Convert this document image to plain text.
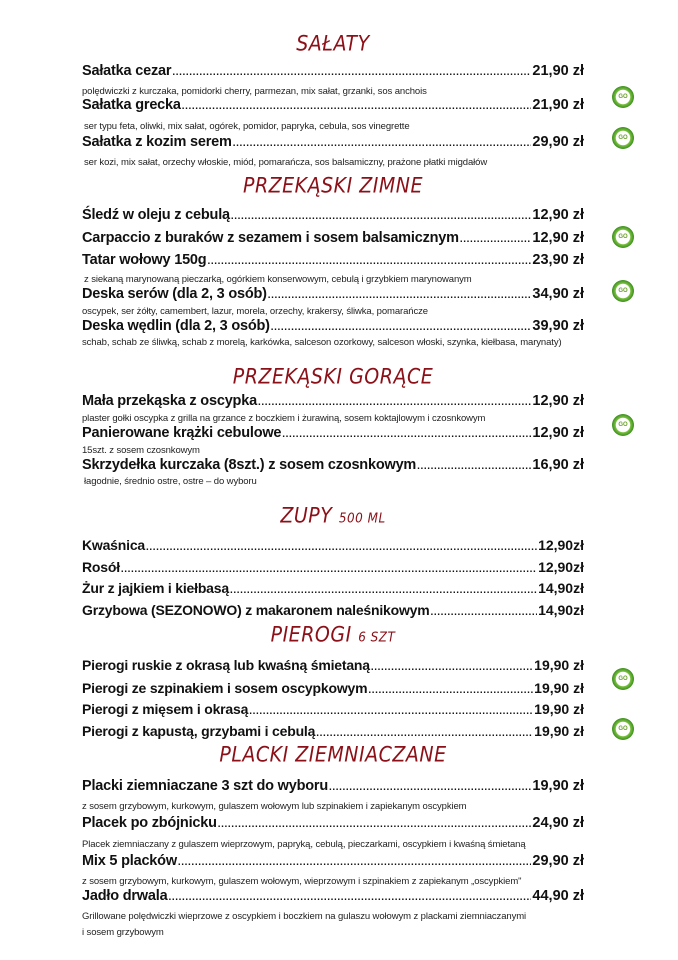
SAŁATY
Sałatka cezar .....	21,90 zł
polędwiczki z kurczaka, pomidorki cherry, parmezan, mix sałat, grzanki, sos anchois
Sałatka grecka .....	21,90 zł
ser typu feta, oliwki, mix sałat, ogórek, pomidor, papryka, cebula, sos vinegrette
Sałatka z kozim serem .....	29,90 zł
ser kozi, mix sałat, orzechy włoskie, miód, pomarańcza, sos balsamiczny, prażone płatki migdałów
PRZEKĄSKI ZIMNE
Śledź w oleju z cebulą .....	12,90 zł
Carpaccio z buraków z sezamem i sosem balsamicznym .....	12,90 zł
Tatar wołowy 150g .....	23,90 zł
z siekaną marynowaną pieczarką, ogórkiem konserwowym, cebulą i grzybkiem marynowanym
Deska serów (dla 2, 3 osób) .....	34,90 zł
oscypek, ser żółty, camembert, lazur, morela, orzechy, krakersy, śliwka, pomarańcze
Deska wędlin (dla 2, 3 osób) .....	39,90 zł
schab, schab ze śliwką, schab z morelą, karkówka, salceson ozorkowy, salceson włoski, szynka, kiełbasa, marynaty)
PRZEKĄSKI GORĄCE
Mała przekąska z oscypka .....	12,90 zł
plaster gołki oscypka z grilla na grzance z boczkiem i żurawiną, sosem koktajlowym i czosnkowym
Panierowane krążki cebulowe .....	12,90 zł
15szt. z sosem czosnkowym
Skrzydełka kurczaka (8szt.) z sosem czosnkowym .....	16,90 zł
łagodnie, średnio ostre, ostre – do wyboru
ZUPY 500 ML
Kwaśnica .....	12,90zł
Rosół .....	12,90zł
Żur z jajkiem i kiełbasą .....	14,90zł
Grzybowa (SEZONOWO) z makaronem naleśnikowym .....	14,90zł
PIEROGI 6 SZT
Pierogi ruskie z okrasą lub kwaśną śmietaną .....	19,90 zł
Pierogi ze szpinakiem i sosem oscypkowym .....	19,90 zł
Pierogi z mięsem i okrasą .....	19,90 zł
Pierogi z kapustą, grzybami i cebulą .....	19,90 zł
PLACKI ZIEMNIACZANE
Placki ziemniaczane 3 szt do wyboru .....	19,90 zł
z sosem grzybowym, kurkowym, gulaszem wołowym lub szpinakiem i zapiekanym oscypkiem
Placek po zbójnicku .....	24,90 zł
Placek ziemniaczany z gulaszem wieprzowym, papryką, cebulą, pieczarkami, oscypkiem i kwaśną śmietaną
Mix 5 placków .....	29,90 zł
z sosem grzybowym, kurkowym, gulaszem wołowym, wieprzowym i szpinakiem z zapiekanym „oscypkiem"
Jadło drwala .....	44,90 zł
Grillowane polędwiczki wieprzowe z oscypkiem i boczkiem na gulaszu wołowym z plackami ziemniaczanymi
i sosem grzybowym
GO
GO
GO
GO
GO
GO
GO
